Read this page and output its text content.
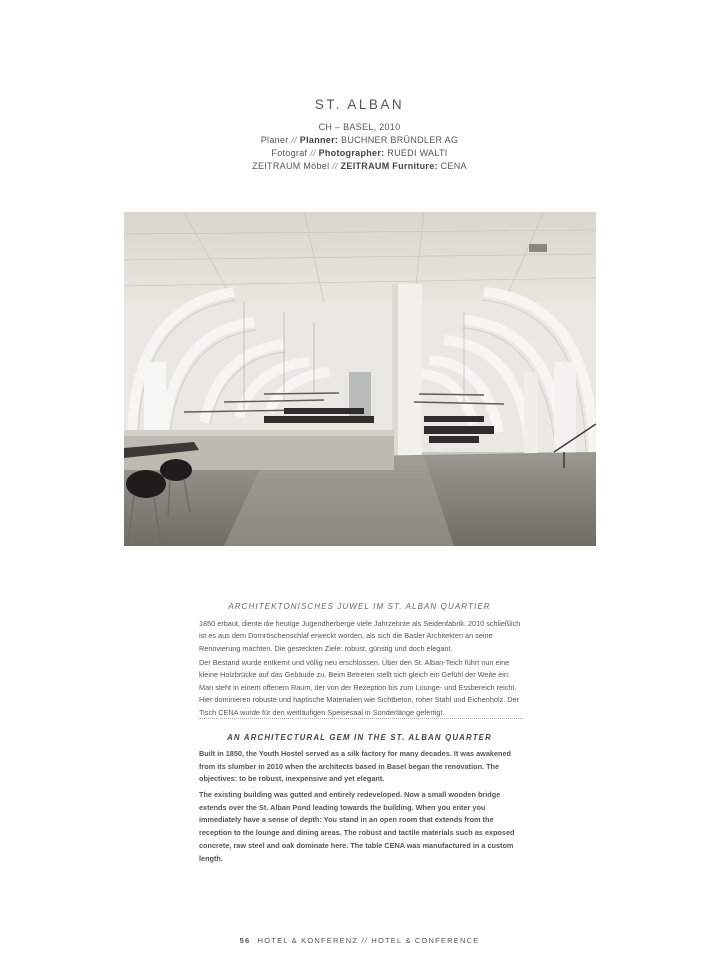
ST. ALBAN
CH – BASEL, 2010
Planer // Planner: BUCHNER BRÜNDLER AG
Fotograf // Photographer: RUEDI WALTI
ZEITRAUM Möbel // ZEITRAUM Furniture: CENA
ARCHITEKTONISCHES JUWEL IM ST. ALBAN QUARTIER

1850 erbaut, diente die heutige Jugendherberge viele Jahrzehnte als Seidenfabrik. 2010 schließlich ist es aus dem Dornröschenschlaf erweckt worden, als sich die Basler Architekten an seine Renovierung machten. Die gesteckten Ziele: robust, günstig und doch elegant.

Der Bestand wurde entkernt und völlig neu erschlossen. Über den St. Alban-Teich führt nun eine kleine Holzbrücke auf das Gebäude zu. Beim Betreten stellt sich gleich ein Gefühl der Weite ein: Man steht in einem offenem Raum, der von der Rezeption bis zum Lounge- und Essbereich reicht. Hier dominieren robuste und haptische Materialien wie Sichtbeton, roher Stahl und Eichenholz. Der Tisch CENA wurde für den weitläufigen Speisesaal in Sonderlänge gefertigt.

AN ARCHITECTURAL GEM IN THE ST. ALBAN QUARTER

Built in 1850, the Youth Hostel served as a silk factory for many decades. It was awakened from its slumber in 2010 when the architects based in Basel began the renovation. The objectives: to be robust, inexpensive and yet elegant.

The existing building was gutted and entirely redeveloped. Now a small wooden bridge extends over the St. Alban Pond leading towards the building. When you enter you immediately have a sense of depth: You stand in an open room that extends from the reception to the lounge and dining areas. The robust and tactile materials such as exposed concrete, raw steel and oak dominate here. The table CENA was manufactured in a custom length.

56 HOTEL & KONFERENZ // HOTEL & CONFERENCE
